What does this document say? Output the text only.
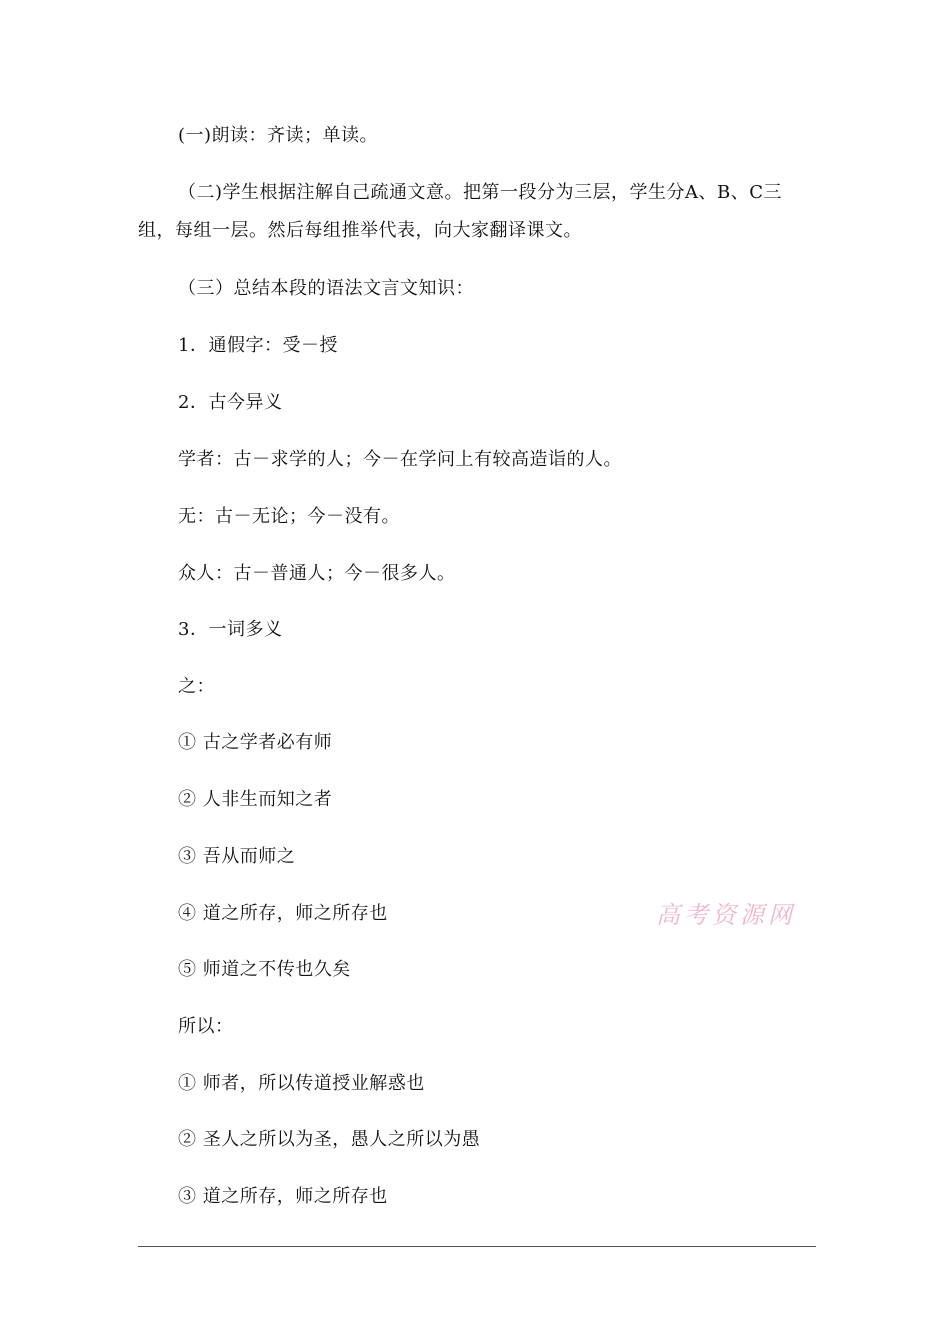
(一)朗读：齐读；单读。
（二)学生根据注解自己疏通文意。把第一段分为三层，学生分A、B、C三组，每组一层。然后每组推举代表，向大家翻译课文。
（三）总结本段的语法文言文知识：
1．通假字：受－授
2．古今异义
学者：古－求学的人；今－在学问上有较高造诣的人。
无：古－无论；今－没有。
众人：古－普通人；今－很多人。
3．一词多义
之：
① 古之学者必有师
② 人非生而知之者
③ 吾从而师之
④ 道之所存，师之所存也
⑤ 师道之不传也久矣
所以：
① 师者，所以传道授业解惑也
② 圣人之所以为圣，愚人之所以为愚
③ 道之所存，师之所存也
高考资源网
